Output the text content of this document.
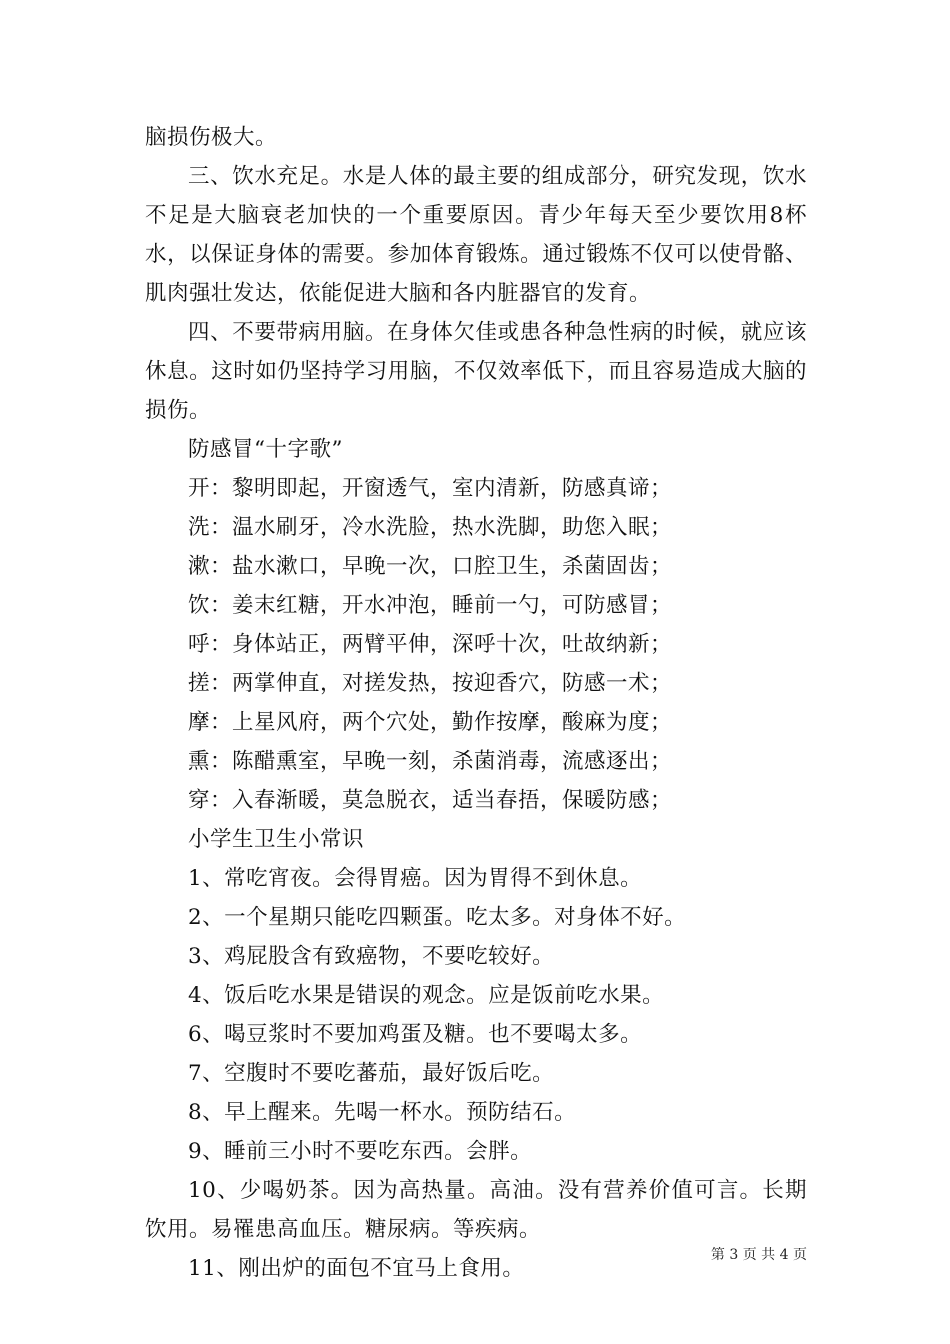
脑损伤极大。

三、饮水充足。水是人体的最主要的组成部分，研究发现，饮水不足是大脑衰老加快的一个重要原因。青少年每天至少要饮用8杯水，以保证身体的需要。参加体育锻炼。通过锻炼不仅可以使骨骼、肌肉强壮发达，依能促进大脑和各内脏器官的发育。

四、不要带病用脑。在身体欠佳或患各种急性病的时候，就应该休息。这时如仍坚持学习用脑，不仅效率低下，而且容易造成大脑的损伤。

防感冒“十字歌”

开：黎明即起，开窗透气，室内清新，防感真谛；

洗：温水刷牙，冷水洗脸，热水洗脚，助您入眠；

漱：盐水漱口，早晚一次，口腔卫生，杀菌固齿；

饮：姜末红糖，开水冲泡，睡前一勺，可防感冒；

呼：身体站正，两臂平伸，深呼十次，吐故纳新；

搓：两掌伸直，对搓发热，按迎香穴，防感一术；

摩：上星风府，两个穴处，勤作按摩，酸麻为度；

熏：陈醋熏室，早晚一刻，杀菌消毒，流感逐出；

穿：入春渐暖，莫急脱衣，适当春捂，保暖防感；

小学生卫生小常识

1、常吃宵夜。会得胃癌。因为胃得不到休息。

2、一个星期只能吃四颗蛋。吃太多。对身体不好。

3、鸡屁股含有致癌物，不要吃较好。

4、饭后吃水果是错误的观念。应是饭前吃水果。

6、喝豆浆时不要加鸡蛋及糖。也不要喝太多。

7、空腹时不要吃蕃茄，最好饭后吃。

8、早上醒来。先喝一杯水。预防结石。

9、睡前三小时不要吃东西。会胖。

10、少喝奶茶。因为高热量。高油。没有营养价值可言。长期饮用。易罹患高血压。糖尿病。等疾病。

11、刚出炉的面包不宜马上食用。

第 3 页 共 4 页
